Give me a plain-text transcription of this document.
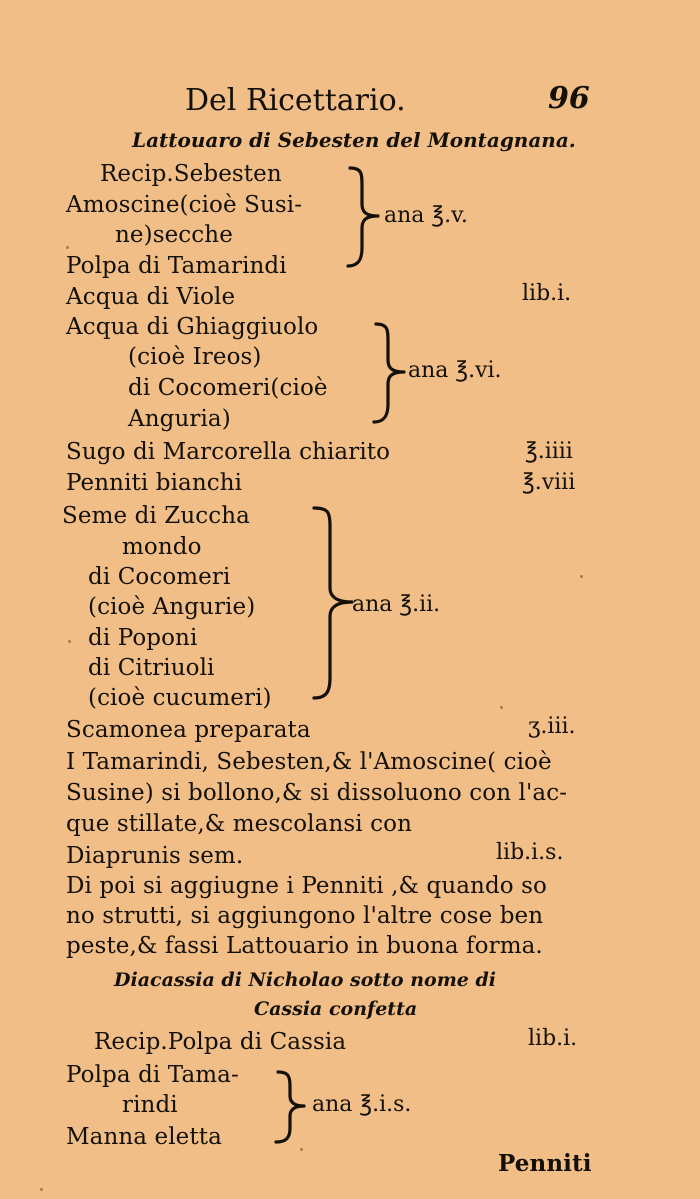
Del Ricettario.	96
Lattouaro di Sebesten del Montagnana.
Recip.Sebesten
Amoscine(cioè Susi-
ne)secche
Polpa di Tamarindi
ana ℥.v.
Acqua di Viole	lib.i.
Acqua di Ghiaggiuolo
(cioè Ireos)
di Cocomeri(cioè
Anguria)
ana ℥.vi.
Sugo di Marcorella chiarito	℥.iiii
Penniti bianchi	℥.viii
Seme di Zuccha
mondo
di Cocomeri
(cioè Angurie)
di Poponi
di Citriuoli
(cioè cucumeri)
ana ℥.ii.
Scamonea preparata	ʒ.iii.
I Tamarindi, Sebesten,& l'Amoscine( cioè
Susine) si bollono,& si dissoluono con l'ac-
que stillate,& mescolansi con
Diaprunis sem.	lib.i.s.
Di poi si aggiugne i Penniti ,& quando so
no strutti, si aggiungono l'altre cose ben
peste,& fassi Lattouario in buona forma.
Diacassia di Nicholao sotto nome di
Cassia confetta
Recip.Polpa di Cassia	lib.i.
Polpa di Tama-
rindi
Manna eletta
ana ℥.i.s.
Penniti
